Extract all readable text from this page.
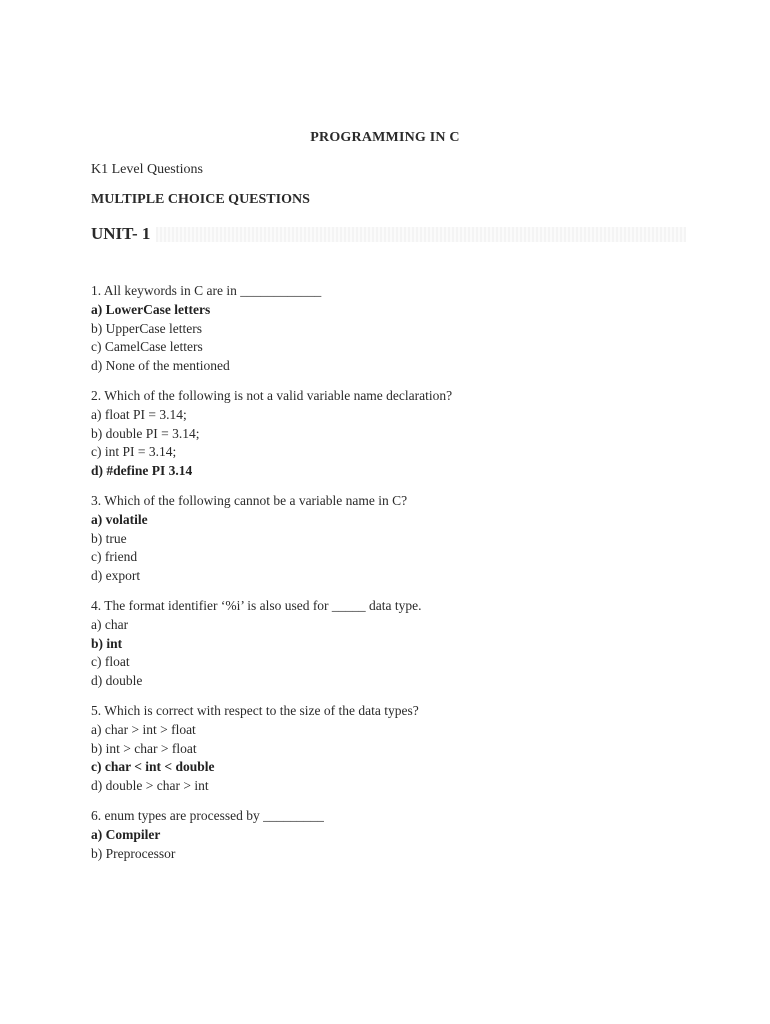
PROGRAMMING IN C
K1 Level Questions
MULTIPLE CHOICE QUESTIONS
UNIT- 1
1. All keywords in C are in ____________
a) LowerCase letters
b) UpperCase letters
c) CamelCase letters
d) None of the mentioned
2. Which of the following is not a valid variable name declaration?
a) float PI = 3.14;
b) double PI = 3.14;
c) int PI = 3.14;
d) #define PI 3.14
3. Which of the following cannot be a variable name in C?
a) volatile
b) true
c) friend
d) export
4. The format identifier ‘%i’ is also used for _____ data type.
a) char
b) int
c) float
d) double
5. Which is correct with respect to the size of the data types?
a) char > int > float
b) int > char > float
c) char < int < double
d) double > char > int
6. enum types are processed by _________
a) Compiler
b) Preprocessor
